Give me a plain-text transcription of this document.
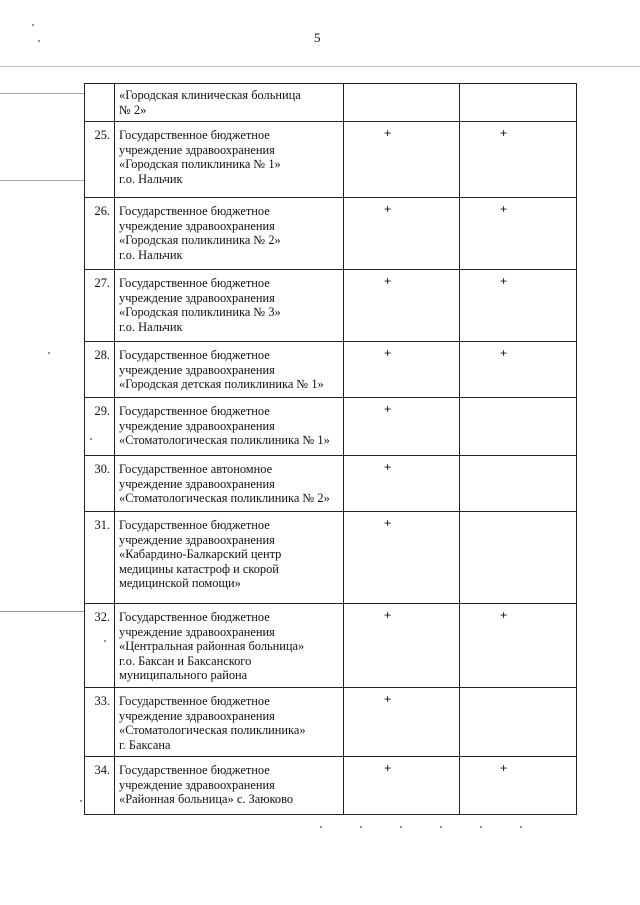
5
	«Городская клиническая больница
№ 2»		
25.	Государственное бюджетное
учреждение здравоохранения
«Городская поликлиника № 1»
г.о. Нальчик	+	+
26.	Государственное бюджетное
учреждение здравоохранения
«Городская поликлиника № 2»
г.о. Нальчик	+	+
27.	Государственное бюджетное
учреждение здравоохранения
«Городская поликлиника № 3»
г.о. Нальчик	+	+
28.	Государственное бюджетное
учреждение здравоохранения
«Городская детская поликлиника № 1»	+	+
29.	Государственное бюджетное
учреждение здравоохранения
«Стоматологическая поликлиника № 1»	+	
30.	Государственное автономное
учреждение здравоохранения
«Стоматологическая поликлиника № 2»	+	
31.	Государственное бюджетное
учреждение здравоохранения
«Кабардино-Балкарский центр
медицины катастроф и скорой
медицинской помощи»	+	
32.	Государственное бюджетное
учреждение здравоохранения
«Центральная районная больница»
г.о. Баксан и Баксанского
муниципального района	+	+
33.	Государственное бюджетное
учреждение здравоохранения
«Стоматологическая поликлиника»
г. Баксана	+	
34.	Государственное бюджетное
учреждение здравоохранения
«Районная больница» с. Заюково	+	+
